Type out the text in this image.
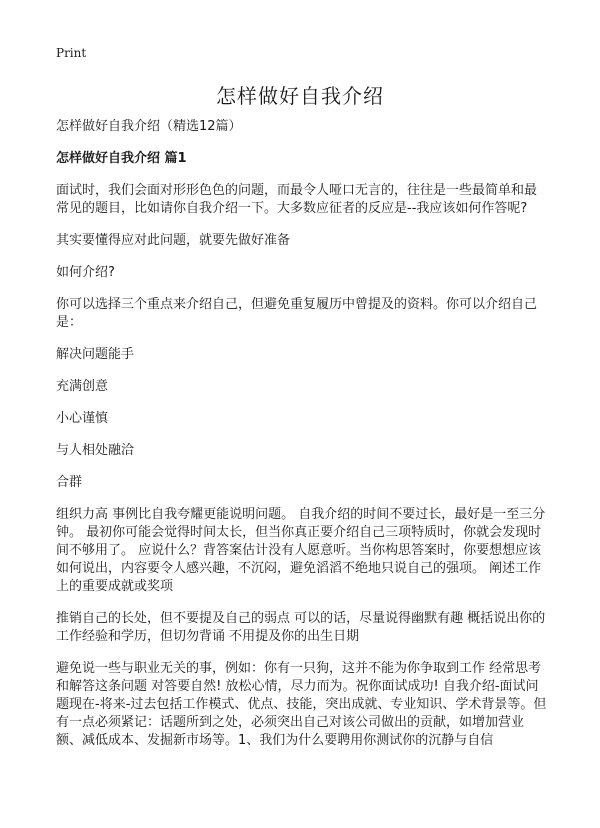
Print
怎样做好自我介绍

怎样做好自我介绍（精选12篇）

怎样做好自我介绍 篇1

面试时，我们会面对形形色色的问题，而最令人哑口无言的，往往是一些最简单和最常见的题目，比如请你自我介绍一下。大多数应征者的反应是--我应该如何作答呢?

其实要懂得应对此问题，就要先做好准备

如何介绍?

你可以选择三个重点来介绍自己，但避免重复履历中曾提及的资料。你可以介绍自己是：

解决问题能手

充满创意

小心谨慎

与人相处融洽

合群

组织力高 事例比自我夸耀更能说明问题。 自我介绍的时间不要过长，最好是一至三分钟。 最初你可能会觉得时间太长，但当你真正要介绍自己三项特质时，你就会发现时间不够用了。 应说什么？背答案估计没有人愿意听。当你构思答案时，你要想想应该如何说出，内容要令人感兴趣，不沉闷，避免滔滔不绝地只说自己的强项。 阐述工作上的重要成就或奖项

推销自己的长处，但不要提及自己的弱点 可以的话，尽量说得幽默有趣 概括说出你的工作经验和学历，但切勿背诵 不用提及你的出生日期

避免说一些与职业无关的事，例如：你有一只狗，这并不能为你争取到工作 经常思考和解答这条问题 对答要自然! 放松心情，尽力而为。祝你面试成功! 自我介绍-面试问题现在-将来-过去包括工作模式、优点、技能，突出成就、专业知识、学术背景等。但有一点必须紧记：话题所到之处，必须突出自己对该公司做出的贡献，如增加营业额、减低成本、发掘新市场等。1、我们为什么要聘用你测试你的沉静与自信
